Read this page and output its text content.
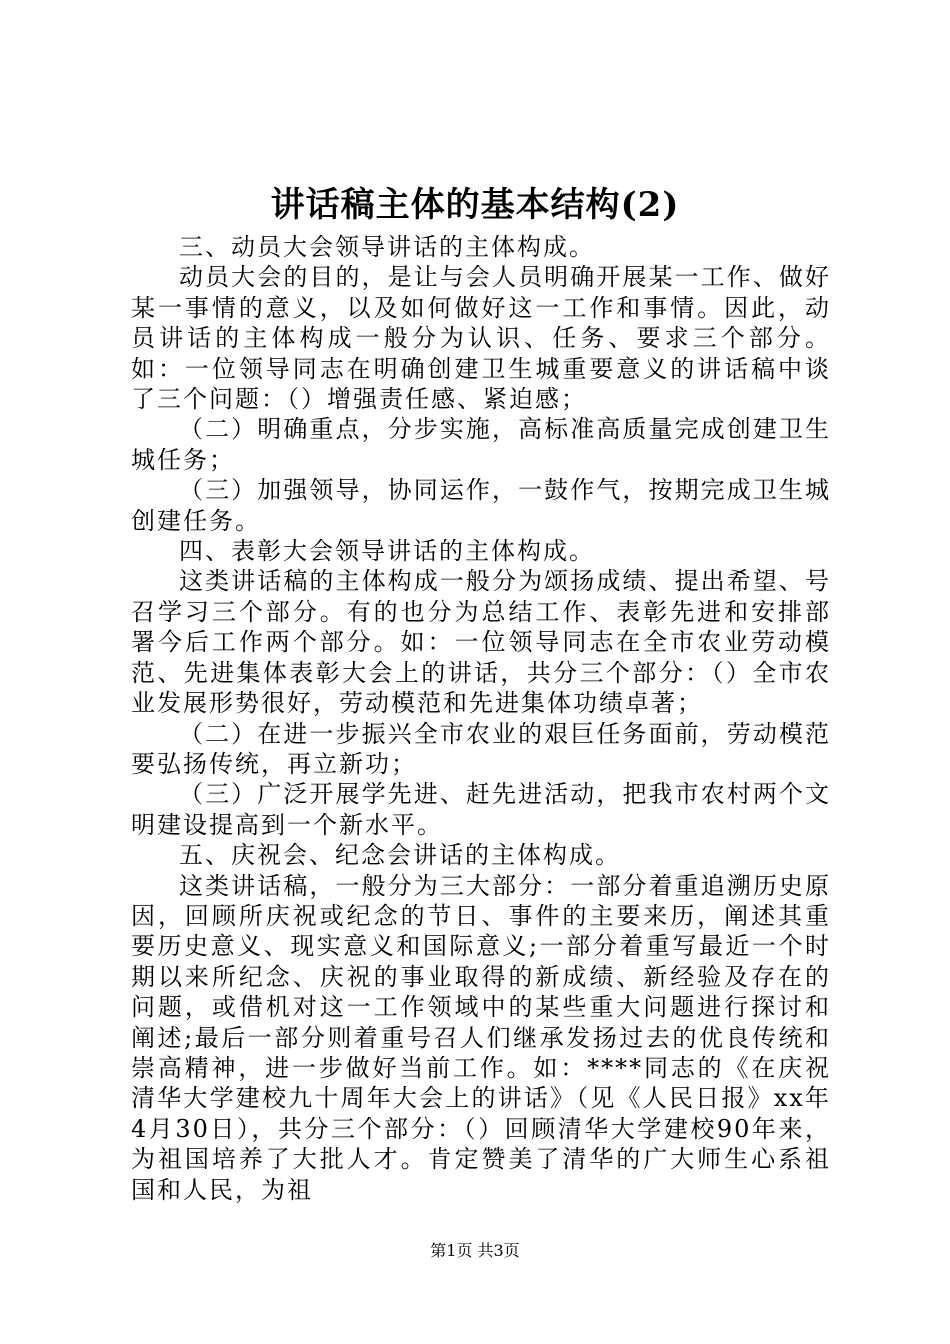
讲话稿主体的基本结构(2)

三、动员大会领导讲话的主体构成。

动员大会的目的，是让与会人员明确开展某一工作、做好某一事情的意义，以及如何做好这一工作和事情。因此，动员讲话的主体构成一般分为认识、任务、要求三个部分。如：一位领导同志在明确创建卫生城重要意义的讲话稿中谈了三个问题：（）增强责任感、紧迫感；

（二）明确重点，分步实施，高标准高质量完成创建卫生城任务；

（三）加强领导，协同运作，一鼓作气，按期完成卫生城创建任务。

四、表彰大会领导讲话的主体构成。

这类讲话稿的主体构成一般分为颂扬成绩、提出希望、号召学习三个部分。有的也分为总结工作、表彰先进和安排部署今后工作两个部分。如：一位领导同志在全市农业劳动模范、先进集体表彰大会上的讲话，共分三个部分：（）全市农业发展形势很好，劳动模范和先进集体功绩卓著；

（二）在进一步振兴全市农业的艰巨任务面前，劳动模范要弘扬传统，再立新功；

（三）广泛开展学先进、赶先进活动，把我市农村两个文明建设提高到一个新水平。

五、庆祝会、纪念会讲话的主体构成。

这类讲话稿，一般分为三大部分：一部分着重追溯历史原因，回顾所庆祝或纪念的节日、事件的主要来历，阐述其重要历史意义、现实意义和国际意义;一部分着重写最近一个时期以来所纪念、庆祝的事业取得的新成绩、新经验及存在的问题，或借机对这一工作领域中的某些重大问题进行探讨和阐述;最后一部分则着重号召人们继承发扬过去的优良传统和崇高精神，进一步做好当前工作。如：****同志的《在庆祝清华大学建校九十周年大会上的讲话》（见《人民日报》xx年4月30日），共分三个部分：（）回顾清华大学建校90年来，为祖国培养了大批人才。肯定赞美了清华的广大师生心系祖国和人民，为祖

第1页 共3页
